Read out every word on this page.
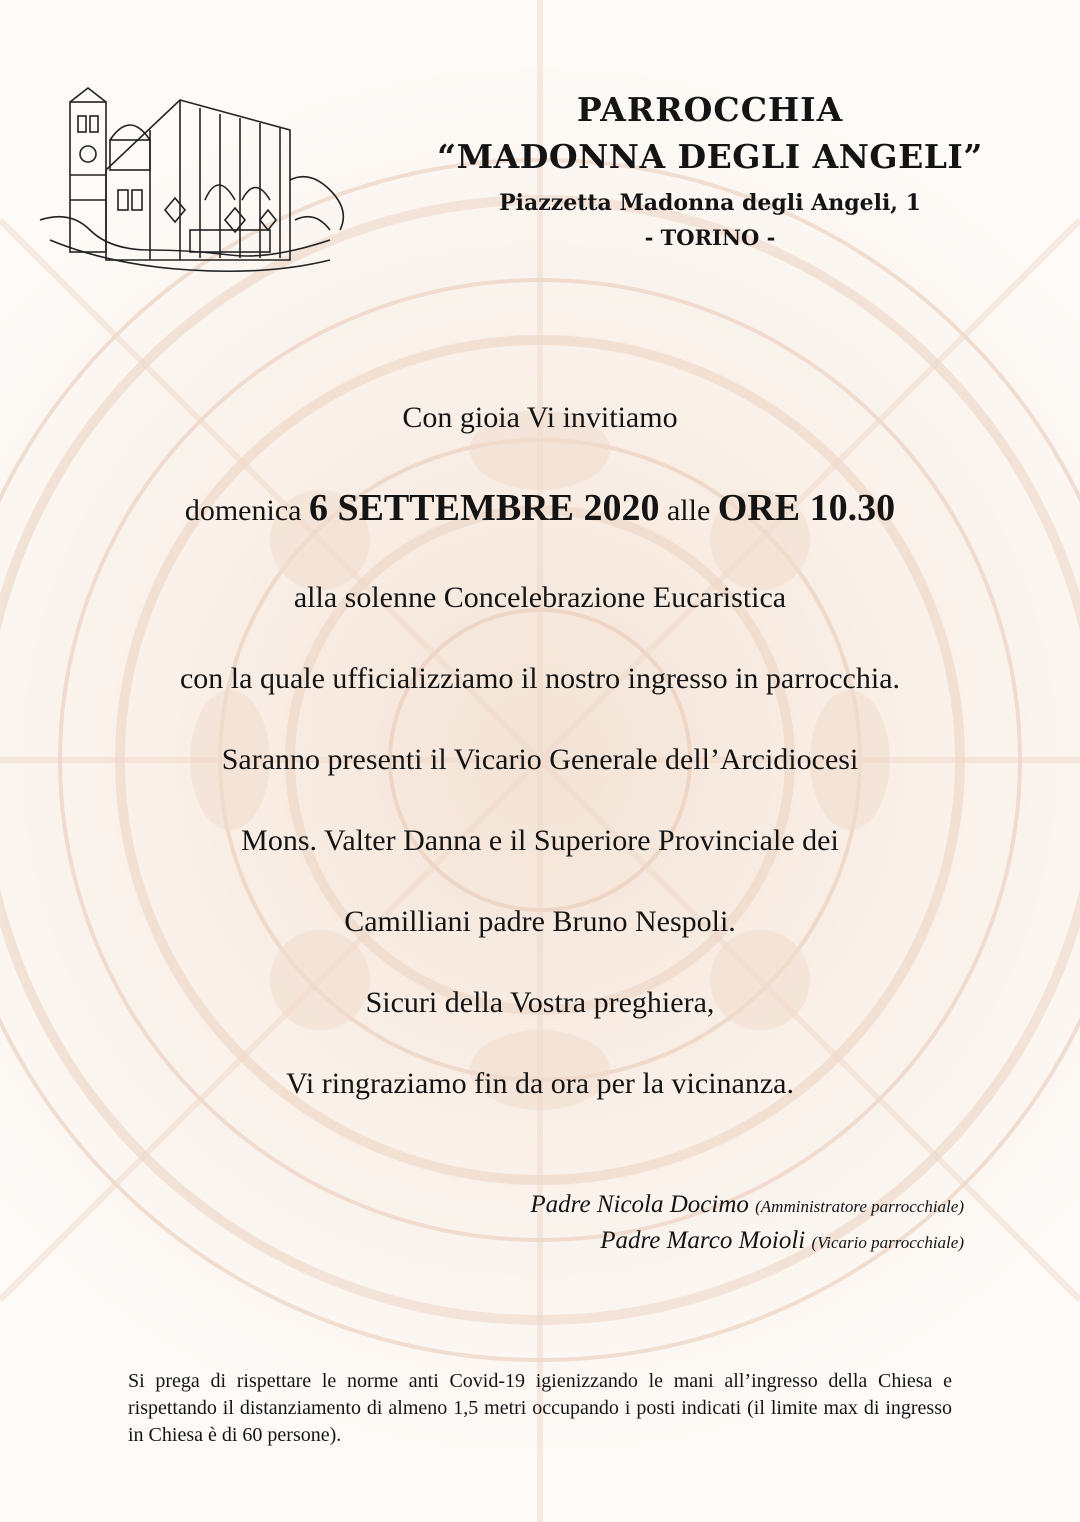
PARROCCHIA
“MADONNA DEGLI ANGELI”
Piazzetta Madonna degli Angeli, 1
- TORINO -
Con gioia Vi invitiamo
domenica 6 SETTEMBRE 2020 alle ORE 10.30
alla solenne Concelebrazione Eucaristica
con la quale ufficializziamo il nostro ingresso in parrocchia.
Saranno presenti il Vicario Generale dell’Arcidiocesi
Mons. Valter Danna e il Superiore Provinciale dei
Camilliani padre Bruno Nespoli.
Sicuri della Vostra preghiera,
Vi ringraziamo fin da ora per la vicinanza.
Padre Nicola Docimo (Amministratore parrocchiale)
Padre Marco Moioli (Vicario parrocchiale)
Si prega di rispettare le norme anti Covid-19 igienizzando le mani all’ingresso della Chiesa e rispettando il distanziamento di almeno 1,5 metri occupando i posti indicati (il limite max di ingresso in Chiesa è di 60 persone).
